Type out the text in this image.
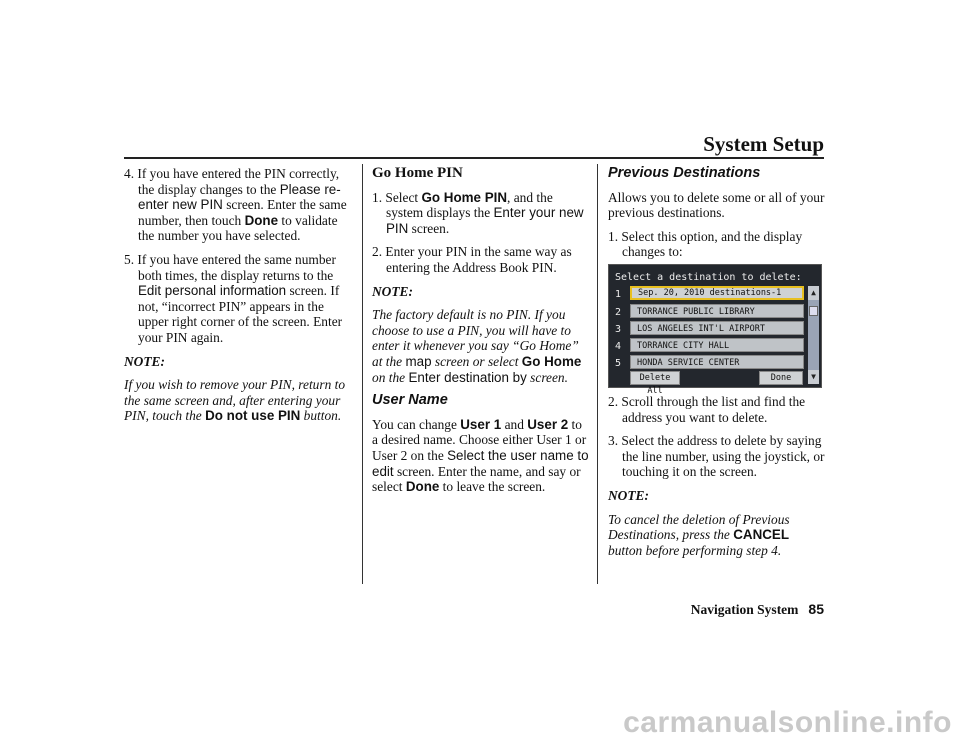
System Setup

4. If you have entered the PIN correctly, the display changes to the Please re-enter new PIN screen. Enter the same number, then touch Done to validate the number you have selected.

5. If you have entered the same number both times, the display returns to the Edit personal information screen. If not, “incorrect PIN” appears in the upper right corner of the screen. Enter your PIN again.

NOTE:

If you wish to remove your PIN, return to the same screen and, after entering your PIN, touch the Do not use PIN button.

Go Home PIN

1. Select Go Home PIN, and the system displays the Enter your new PIN screen.

2. Enter your PIN in the same way as entering the Address Book PIN.

NOTE:

The factory default is no PIN. If you choose to use a PIN, you will have to enter it whenever you say “Go Home” at the map screen or select Go Home on the Enter destination by screen.

User Name

You can change User 1 and User 2 to a desired name. Choose either User 1 or User 2 on the Select the user name to edit screen. Enter the name, and say or select Done to leave the screen.

Previous Destinations

Allows you to delete some or all of your previous destinations.

1. Select this option, and the display changes to:

Select a destination to delete:
1	Sep. 20, 2010 destinations-1
2	TORRANCE PUBLIC LIBRARY
3	LOS ANGELES INT'L AIRPORT
4	TORRANCE CITY HALL
5	HONDA SERVICE CENTER
Delete All
Done
▲
▼

2. Scroll through the list and find the address you want to delete.

3. Select the address to delete by saying the line number, using the joystick, or touching it on the screen.

NOTE:

To cancel the deletion of Previous Destinations, press the CANCEL button before performing step 4.

Navigation System 85
carmanualsonline.info
